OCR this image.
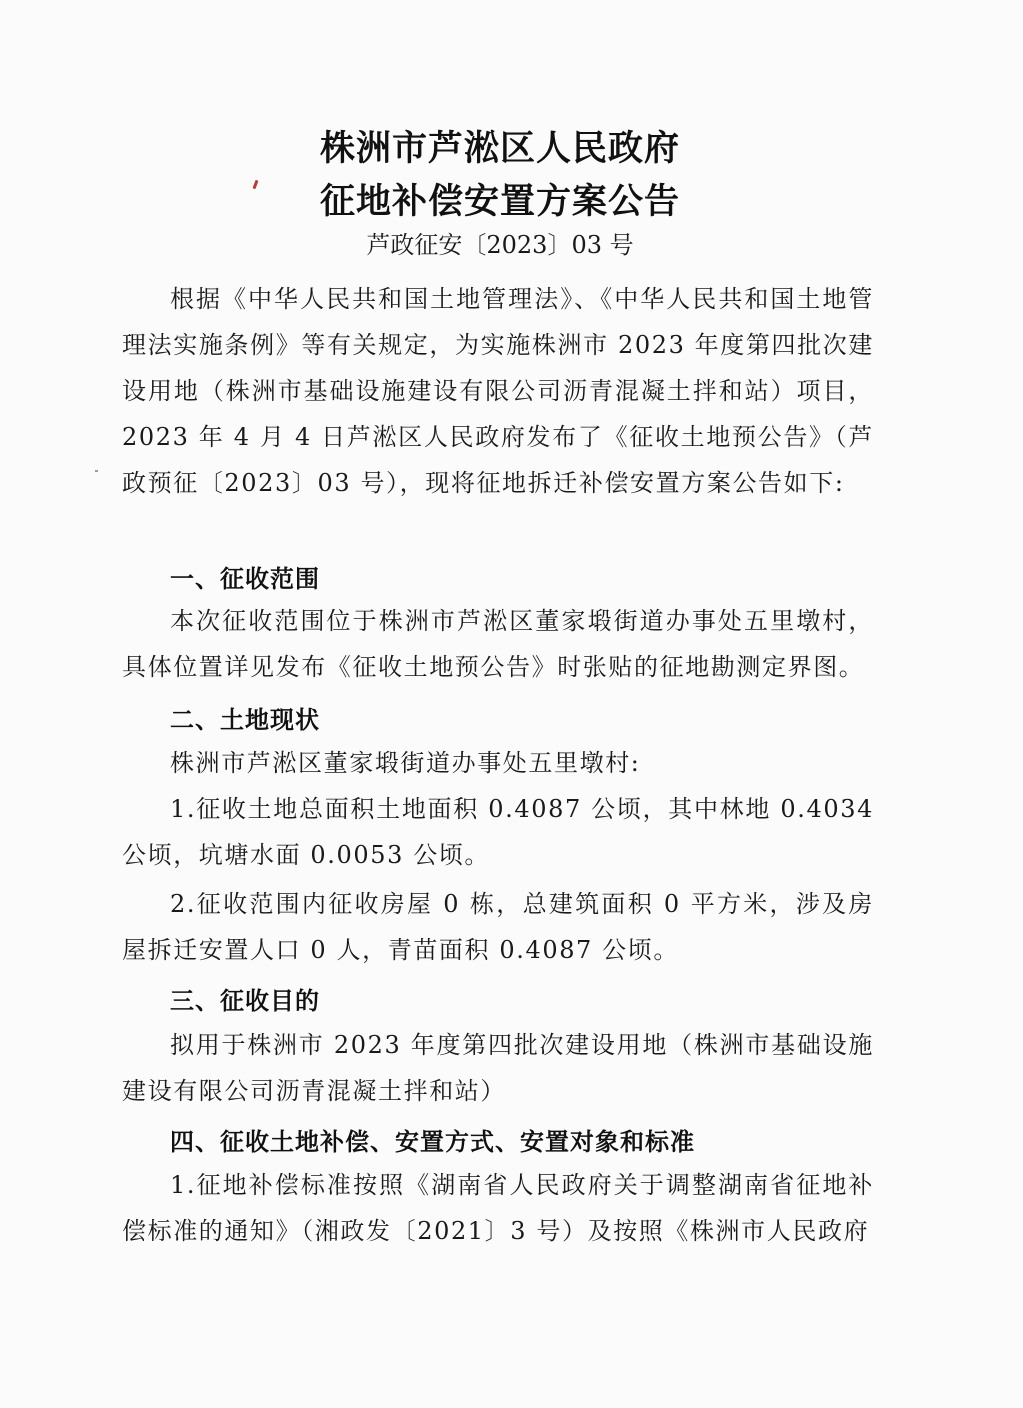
株洲市芦淞区人民政府
征地补偿安置方案公告
芦政征安〔2023〕03 号

根据《中华人民共和国土地管理法》、《中华人民共和国土地管理法实施条例》等有关规定，为实施株洲市 2023 年度第四批次建设用地（株洲市基础设施建设有限公司沥青混凝土拌和站）项目，2023 年 4 月 4 日芦淞区人民政府发布了《征收土地预公告》（芦政预征〔2023〕03 号），现将征地拆迁补偿安置方案公告如下:

一、征收范围

本次征收范围位于株洲市芦淞区董家塅街道办事处五里墩村，具体位置详见发布《征收土地预公告》时张贴的征地勘测定界图。

二、土地现状

株洲市芦淞区董家塅街道办事处五里墩村:

1.征收土地总面积土地面积 0.4087 公顷，其中林地 0.4034 公顷，坑塘水面 0.0053 公顷。

2.征收范围内征收房屋 0 栋，总建筑面积 0 平方米，涉及房屋拆迁安置人口 0 人，青苗面积 0.4087 公顷。

三、征收目的

拟用于株洲市 2023 年度第四批次建设用地（株洲市基础设施建设有限公司沥青混凝土拌和站）

四、征收土地补偿、安置方式、安置对象和标准

1.征地补偿标准按照《湖南省人民政府关于调整湖南省征地补偿标准的通知》（湘政发〔2021〕3 号）及按照《株洲市人民政府
